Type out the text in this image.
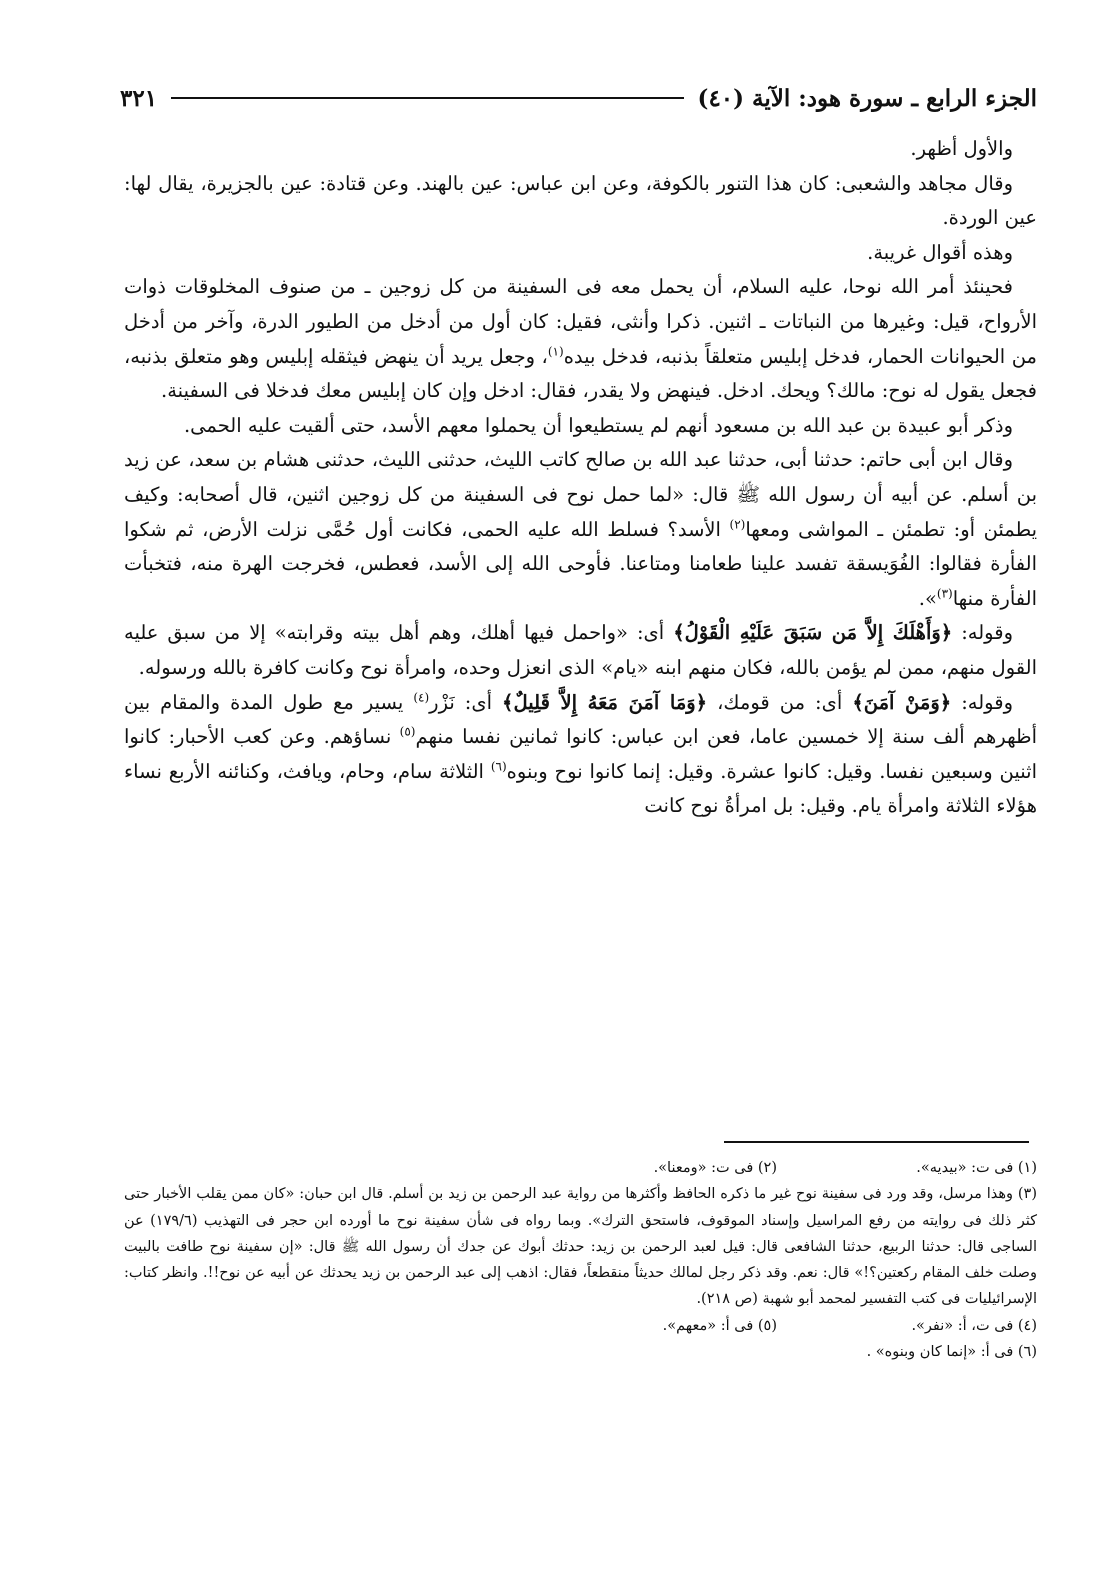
الجزء الرابع ـ سورة هود: الآية (٤٠)
٣٢١

والأول أظهر.

وقال مجاهد والشعبى: كان هذا التنور بالكوفة، وعن ابن عباس: عين بالهند. وعن قتادة: عين بالجزيرة، يقال لها: عين الوردة.

وهذه أقوال غريبة.

فحينئذ أمر الله نوحا، عليه السلام، أن يحمل معه فى السفينة من كل زوجين ـ من صنوف المخلوقات ذوات الأرواح، قيل: وغيرها من النباتات ـ اثنين. ذكرا وأنثى، فقيل: كان أول من أدخل من الطيور الدرة، وآخر من أدخل من الحيوانات الحمار، فدخل إبليس متعلقاً بذنبه، فدخل بيده$^{(١)}$، وجعل يريد أن ينهض فيثقله إبليس وهو متعلق بذنبه، فجعل يقول له نوح: مالك؟ ويحك. ادخل. فينهض ولا يقدر، فقال: ادخل وإن كان إبليس معك فدخلا فى السفينة.

وذكر أبو عبيدة بن عبد الله بن مسعود أنهم لم يستطيعوا أن يحملوا معهم الأسد، حتى ألقيت عليه الحمى.

وقال ابن أبى حاتم: حدثنا أبى، حدثنا عبد الله بن صالح كاتب الليث، حدثنى الليث، حدثنى هشام بن سعد، عن زيد بن أسلم. عن أبيه أن رسول الله ﷺ قال: «لما حمل نوح فى السفينة من كل زوجين اثنين، قال أصحابه: وكيف يطمئن أو: تطمئن ـ المواشى ومعها$^{(٢)}$ الأسد؟ فسلط الله عليه الحمى، فكانت أول حُمَّى نزلت الأرض، ثم شكوا الفأرة فقالوا: الفُوَيسقة تفسد علينا طعامنا ومتاعنا. فأوحى الله إلى الأسد، فعطس، فخرجت الهرة منه، فتخبأت الفأرة منها$^{(٣)}$».

وقوله: ﴿وَأَهْلَكَ إِلاَّ مَن سَبَقَ عَلَيْهِ الْقَوْلُ﴾ أى: «واحمل فيها أهلك، وهم أهل بيته وقرابته» إلا من سبق عليه القول منهم، ممن لم يؤمن بالله، فكان منهم ابنه «يام» الذى انعزل وحده، وامرأة نوح وكانت كافرة بالله ورسوله.

وقوله: ﴿وَمَنْ آمَنَ﴾ أى: من قومك، ﴿وَمَا آمَنَ مَعَهُ إِلاَّ قَلِيلٌ﴾ أى: نَزْر$^{(٤)}$ يسير مع طول المدة والمقام بين أظهرهم ألف سنة إلا خمسين عاما، فعن ابن عباس: كانوا ثمانين نفسا منهم$^{(٥)}$ نساؤهم. وعن كعب الأحبار: كانوا اثنين وسبعين نفسا. وقيل: كانوا عشرة. وقيل: إنما كانوا نوح وبنوه$^{(٦)}$ الثلاثة سام، وحام، ويافث، وكنائنه الأربع نساء هؤلاء الثلاثة وامرأة يام. وقيل: بل امرأةُ نوح كانت

(١) فى ت: «بيديه».
(٢) فى ت: «ومعنا».

(٣) وهذا مرسل، وقد ورد فى سفينة نوح غير ما ذكره الحافظ وأكثرها من رواية عبد الرحمن بن زيد بن أسلم. قال ابن حبان: «كان ممن يقلب الأخبار حتى كثر ذلك فى روايته من رفع المراسيل وإسناد الموقوف، فاستحق الترك». وبما رواه فى شأن سفينة نوح ما أورده ابن حجر فى التهذيب (١٧٩/٦) عن الساجى قال: حدثنا الربيع، حدثنا الشافعى قال: قيل لعبد الرحمن بن زيد: حدثك أبوك عن جدك أن رسول الله ﷺ قال: «إن سفينة نوح طافت بالبيت وصلت خلف المقام ركعتين؟!» قال: نعم. وقد ذكر رجل لمالك حديثاً منقطعاً، فقال: اذهب إلى عبد الرحمن بن زيد يحدثك عن أبيه عن نوح!!. وانظر كتاب: الإسرائيليات فى كتب التفسير لمحمد أبو شهبة (ص ٢١٨).

(٤) فى ت، أ: «نفر».
(٥) فى أ: «معهم».
(٦) فى أ: «إنما كان وبنوه» .
